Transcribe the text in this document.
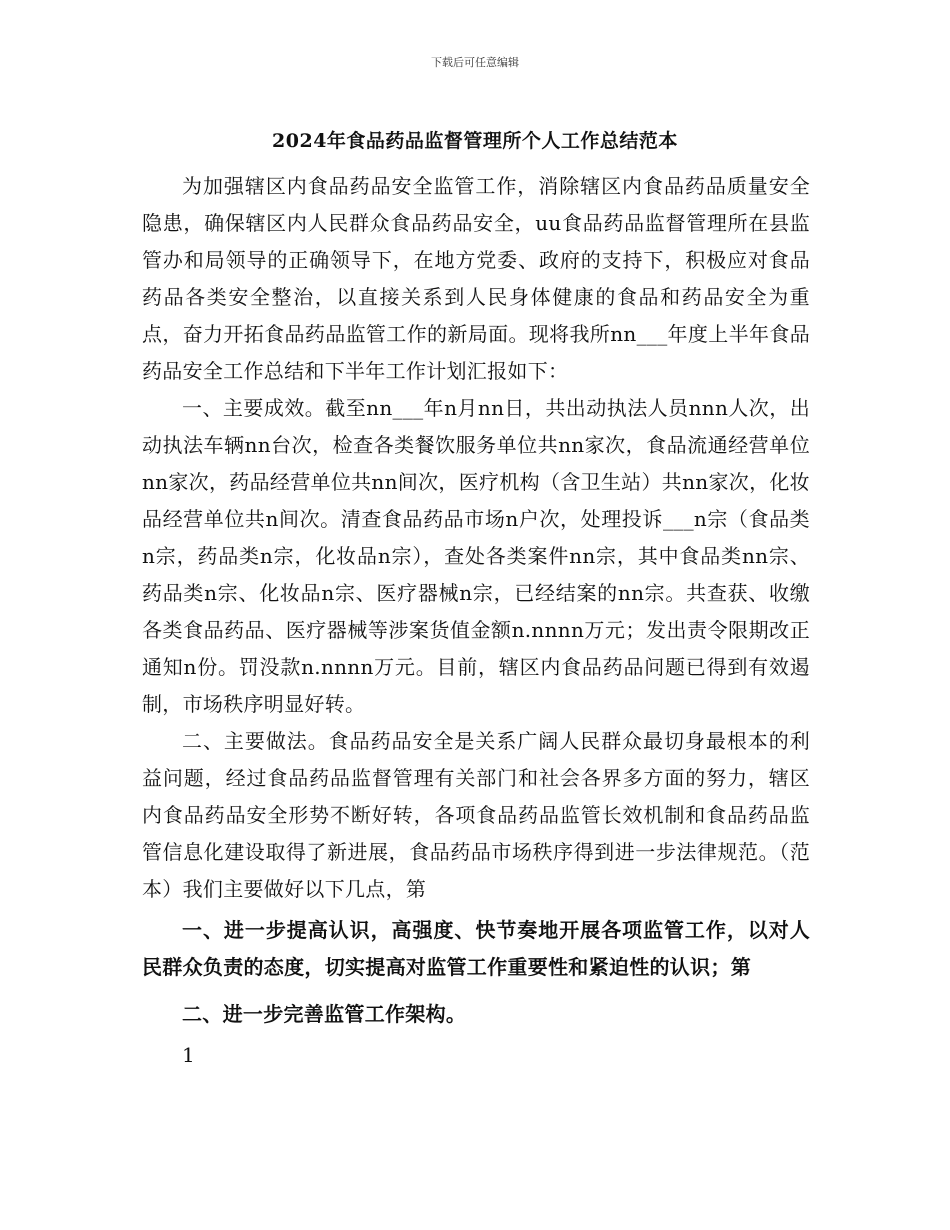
下载后可任意编辑
2024年食品药品监督管理所个人工作总结范本

为加强辖区内食品药品安全监管工作，消除辖区内食品药品质量安全隐患，确保辖区内人民群众食品药品安全，uu食品药品监督管理所在县监管办和局领导的正确领导下，在地方党委、政府的支持下，积极应对食品药品各类安全整治，以直接关系到人民身体健康的食品和药品安全为重点，奋力开拓食品药品监管工作的新局面。现将我所nn___年度上半年食品药品安全工作总结和下半年工作计划汇报如下：

一、主要成效。截至nn___年n月nn日，共出动执法人员nnn人次，出动执法车辆nn台次，检查各类餐饮服务单位共nn家次，食品流通经营单位nn家次，药品经营单位共nn间次，医疗机构（含卫生站）共nn家次，化妆品经营单位共n间次。清查食品药品市场n户次，处理投诉___n宗（食品类n宗，药品类n宗，化妆品n宗），查处各类案件nn宗，其中食品类nn宗、药品类n宗、化妆品n宗、医疗器械n宗，已经结案的nn宗。共查获、收缴各类食品药品、医疗器械等涉案货值金额n.nnnn万元；发出责令限期改正通知n份。罚没款n.nnnn万元。目前，辖区内食品药品问题已得到有效遏制，市场秩序明显好转。

二、主要做法。食品药品安全是关系广阔人民群众最切身最根本的利益问题，经过食品药品监督管理有关部门和社会各界多方面的努力，辖区内食品药品安全形势不断好转，各项食品药品监管长效机制和食品药品监管信息化建设取得了新进展，食品药品市场秩序得到进一步法律规范。（范本）我们主要做好以下几点，第

一、进一步提高认识，高强度、快节奏地开展各项监管工作，以对人民群众负责的态度，切实提高对监管工作重要性和紧迫性的认识；第

二、进一步完善监管工作架构。

1
